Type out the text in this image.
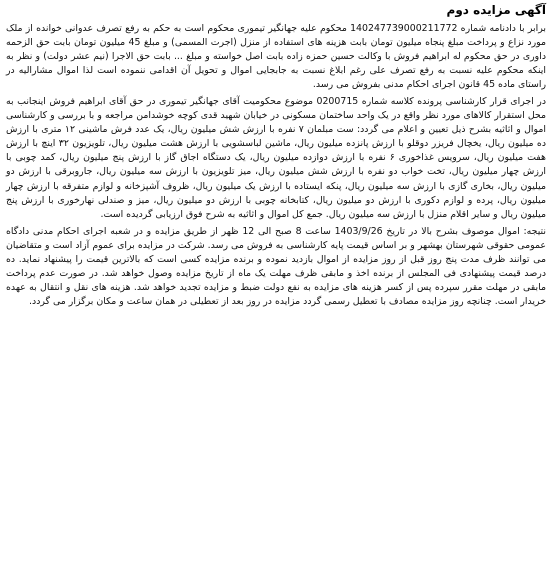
آگهی مزایده دوم

برابر با دادنامه شماره 140247739000211772 محکوم علیه جهانگیر تیموری محکوم است به حکم به رفع تصرف عدوانی خوانده از ملک مورد نزاع و پرداخت مبلغ پنجاه میلیون تومان بابت هزینه های استفاده از منزل (اجرت المسمی) و مبلغ 45 میلیون تومان بابت حق الزحمه داوری در حق محکوم له ابراهیم فروش با وکالت حسین حمزه زاده بابت اصل خواسته و مبلغ ... بابت حق الاجرا (نیم عشر دولت) و نظر به اینکه محکوم علیه نسبت به رفع تصرف علی رغم ابلاغ نسبت به جابجایی اموال و تحویل آن اقدامی ننموده است لذا اموال مشارالیه در راستای ماده 45 قانون اجرای احکام مدنی بفروش می رسد.

در اجرای قرار کارشناسی پرونده کلاسه شماره 0200715 موضوع محکومیت آقای جهانگیر تیموری در حق آقای ابراهیم فروش اینجانب به محل استقرار کالاهای مورد نظر واقع در یک واحد ساختمان مسکونی در خیابان شهید قدی کوچه خوشدامن مراجعه و با بررسی و کارشناسی اموال و اثاثیه بشرح ذیل تعیین و اعلام می گردد: ست مبلمان ۷ نفره با ارزش شش میلیون ریال، یک عدد فرش ماشینی ۱۲ متری با ارزش ده میلیون ریال، یخچال فریزر دوقلو با ارزش پانزده میلیون ریال، ماشین لباسشویی با ارزش هشت میلیون ریال، تلویزیون ۳۲ اینچ با ارزش هفت میلیون ریال، سرویس غذاخوری ۶ نفره با ارزش دوازده میلیون ریال، یک دستگاه اجاق گاز با ارزش پنج میلیون ریال، کمد چوبی با ارزش چهار میلیون ریال، تخت خواب دو نفره با ارزش شش میلیون ریال، میز تلویزیون با ارزش سه میلیون ریال، جاروبرقی با ارزش دو میلیون ریال، بخاری گازی با ارزش سه میلیون ریال، پنکه ایستاده با ارزش یک میلیون ریال، ظروف آشپزخانه و لوازم متفرقه با ارزش چهار میلیون ریال، پرده و لوازم دکوری با ارزش دو میلیون ریال، کتابخانه چوبی با ارزش دو میلیون ریال، میز و صندلی نهارخوری با ارزش پنج میلیون ریال و سایر اقلام منزل با ارزش سه میلیون ریال. جمع کل اموال و اثاثیه به شرح فوق ارزیابی گردیده است.

نتیجه: اموال موصوف بشرح بالا در تاریخ 1403/9/26 ساعت 8 صبح الی 12 ظهر از طریق مزایده و در شعبه اجرای احکام مدنی دادگاه عمومی حقوقی شهرستان بهشهر و بر اساس قیمت پایه کارشناسی به فروش می رسد. شرکت در مزایده برای عموم آزاد است و متقاضیان می توانند ظرف مدت پنج روز قبل از روز مزایده از اموال بازدید نموده و برنده مزایده کسی است که بالاترین قیمت را پیشنهاد نماید. ده درصد قیمت پیشنهادی فی المجلس از برنده اخذ و مابقی ظرف مهلت یک ماه از تاریخ مزایده وصول خواهد شد. در صورت عدم پرداخت مابقی در مهلت مقرر سپرده پس از کسر هزینه های مزایده به نفع دولت ضبط و مزایده تجدید خواهد شد. هزینه های نقل و انتقال به عهده خریدار است. چنانچه روز مزایده مصادف با تعطیل رسمی گردد مزایده در روز بعد از تعطیلی در همان ساعت و مکان برگزار می گردد.
